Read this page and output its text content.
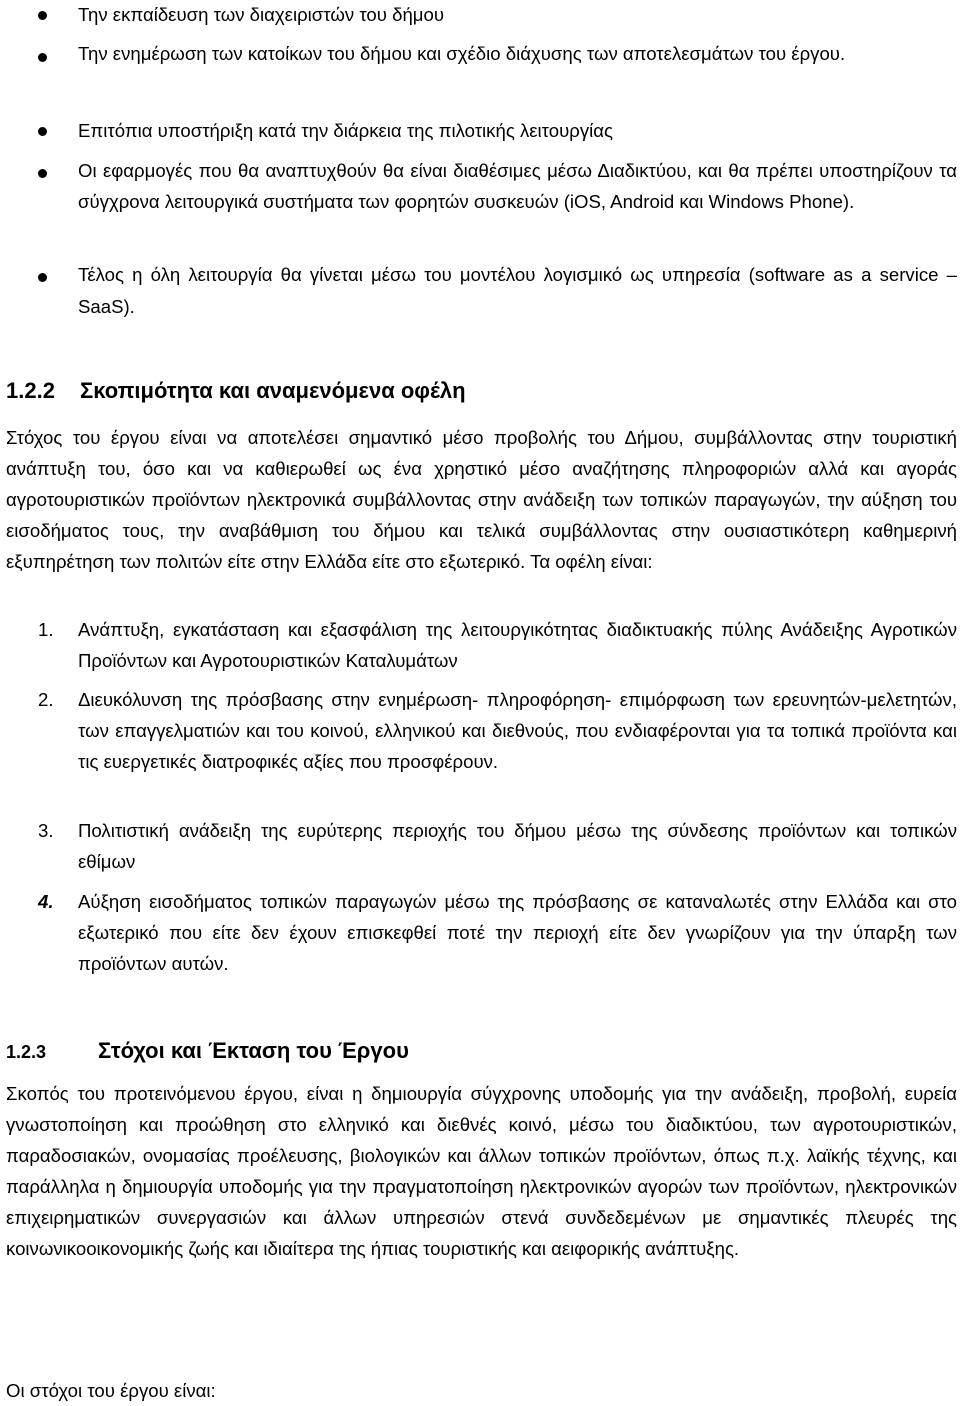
Την εκπαίδευση των διαχειριστών του δήμου
Την ενημέρωση των κατοίκων του δήμου και σχέδιο διάχυσης των αποτελεσμάτων του έργου.
Επιτόπια υποστήριξη κατά την διάρκεια της πιλοτικής λειτουργίας
Οι εφαρμογές που θα αναπτυχθούν θα είναι διαθέσιμες μέσω Διαδικτύου, και θα πρέπει υποστηρίζουν τα σύγχρονα λειτουργικά συστήματα των φορητών συσκευών (iOS, Android και Windows Phone).
Τέλος η όλη λειτουργία θα γίνεται μέσω του μοντέλου λογισμικό ως υπηρεσία (software as a service – SaaS).
1.2.2 Σκοπιμότητα και αναμενόμενα οφέλη
Στόχος του έργου είναι να αποτελέσει σημαντικό μέσο προβολής του Δήμου, συμβάλλοντας στην τουριστική ανάπτυξη του, όσο και να καθιερωθεί ως ένα χρηστικό μέσο αναζήτησης πληροφοριών αλλά και αγοράς αγροτουριστικών προϊόντων ηλεκτρονικά συμβάλλοντας στην ανάδειξη των τοπικών παραγωγών, την αύξηση του εισοδήματος τους, την αναβάθμιση του δήμου και τελικά συμβάλλοντας στην ουσιαστικότερη καθημερινή εξυπηρέτηση των πολιτών είτε στην Ελλάδα είτε στο εξωτερικό. Τα οφέλη είναι:
1. Ανάπτυξη, εγκατάσταση και εξασφάλιση της λειτουργικότητας διαδικτυακής πύλης Ανάδειξης Αγροτικών Προϊόντων και Αγροτουριστικών Καταλυμάτων
2. Διευκόλυνση της πρόσβασης στην ενημέρωση- πληροφόρηση- επιμόρφωση των ερευνητών-μελετητών, των επαγγελματιών και του κοινού, ελληνικού και διεθνούς, που ενδιαφέρονται για τα τοπικά προϊόντα και τις ευεργετικές διατροφικές αξίες που προσφέρουν.
3. Πολιτιστική ανάδειξη της ευρύτερης περιοχής του δήμου μέσω της σύνδεσης προϊόντων και τοπικών εθίμων
4. Αύξηση εισοδήματος τοπικών παραγωγών μέσω της πρόσβασης σε καταναλωτές στην Ελλάδα και στο εξωτερικό που είτε δεν έχουν επισκεφθεί ποτέ την περιοχή είτε δεν γνωρίζουν για την ύπαρξη των προϊόντων αυτών.
1.2.3 Στόχοι και Έκταση του Έργου
Σκοπός του προτεινόμενου έργου, είναι η δημιουργία σύγχρονης υποδομής για την ανάδειξη, προβολή, ευρεία γνωστοποίηση και προώθηση στο ελληνικό και διεθνές κοινό, μέσω του διαδικτύου, των αγροτουριστικών, παραδοσιακών, ονομασίας προέλευσης, βιολογικών και άλλων τοπικών προϊόντων, όπως π.χ. λαϊκής τέχνης, και παράλληλα η δημιουργία υποδομής για την πραγματοποίηση ηλεκτρονικών αγορών των προϊόντων, ηλεκτρονικών επιχειρηματικών συνεργασιών και άλλων υπηρεσιών στενά συνδεδεμένων με σημαντικές πλευρές της κοινωνικοοικονομικής ζωής και ιδιαίτερα της ήπιας τουριστικής και αειφορικής ανάπτυξης.
Οι στόχοι του έργου είναι:
